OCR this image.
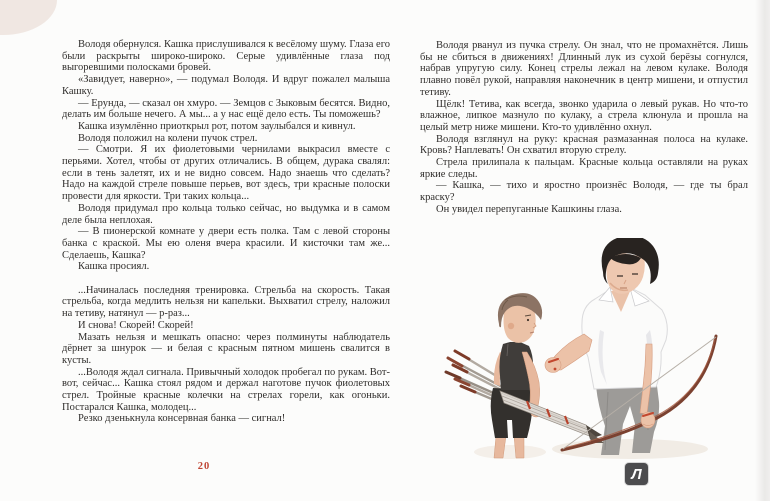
Володя обернулся. Кашка прислушивался к весёлому шуму. Глаза его были раскрыты широко-широко. Серые удивлённые глаза под выгоревшими полосками бровей.

«Завидует, наверно», — подумал Володя. И вдруг пожалел малыша Кашку.

— Ерунда, — сказал он хмуро. — Земцов с Зыковым бесятся. Видно, делать им больше нечего. А мы... а у нас ещё дело есть. Ты поможешь?

Кашка изумлённо приоткрыл рот, потом заулыбался и кивнул.

Володя положил на колени пучок стрел.

— Смотри. Я их фиолетовыми чернилами выкрасил вместе с перьями. Хотел, чтобы от других отличались. В общем, дурака свалял: если в тень залетят, их и не видно совсем. Надо знаешь что сделать? Надо на каждой стреле повыше перьев, вот здесь, три красные полоски провести для яркости. Три таких кольца...

Володя придумал про кольца только сейчас, но выдумка и в самом деле была неплохая.

— В пионерской комнате у двери есть полка. Там с левой стороны банка с краской. Мы ею оленя вчера красили. И кисточки там же... Сделаешь, Кашка?

Кашка просиял.

...Начиналась последняя тренировка. Стрельба на скорость. Такая стрельба, когда медлить нельзя ни капельки. Выхватил стрелу, наложил на тетиву, натянул — р-раз...

И снова! Скорей! Скорей!

Мазать нельзя и мешкать опасно: через полминуты наблюдатель дёрнет за шнурок — и белая с красным пятном мишень свалится в кусты.

...Володя ждал сигнала. Привычный холодок пробегал по рукам. Вот-вот, сейчас... Кашка стоял рядом и держал наготове пучок фиолетовых стрел. Тройные красные колечки на стрелах горели, как огоньки. Постарался Кашка, молодец...

Резко дзенькнула консервная банка — сигнал!

20

Володя рванул из пучка стрелу. Он знал, что не промахнётся. Лишь бы не сбиться в движениях! Длинный лук из сухой берёзы согнулся, набрав упругую силу. Конец стрелы лежал на левом кулаке. Володя плавно повёл рукой, направляя наконечник в центр мишени, и отпустил тетиву.

Щёлк! Тетива, как всегда, звонко ударила о левый рукав. Но что-то влажное, липкое мазнуло по кулаку, а стрела клюнула и прошла на целый метр ниже мишени. Кто-то удивлённо охнул.

Володя взглянул на руку: красная размазанная полоса на кулаке. Кровь? Наплевать! Он схватил вторую стрелу.

Стрела прилипала к пальцам. Красные кольца оставляли на руках яркие следы.

— Кашка, — тихо и яростно произнёс Володя, — где ты брал краску?

Он увидел перепуганные Кашкины глаза.

Л
